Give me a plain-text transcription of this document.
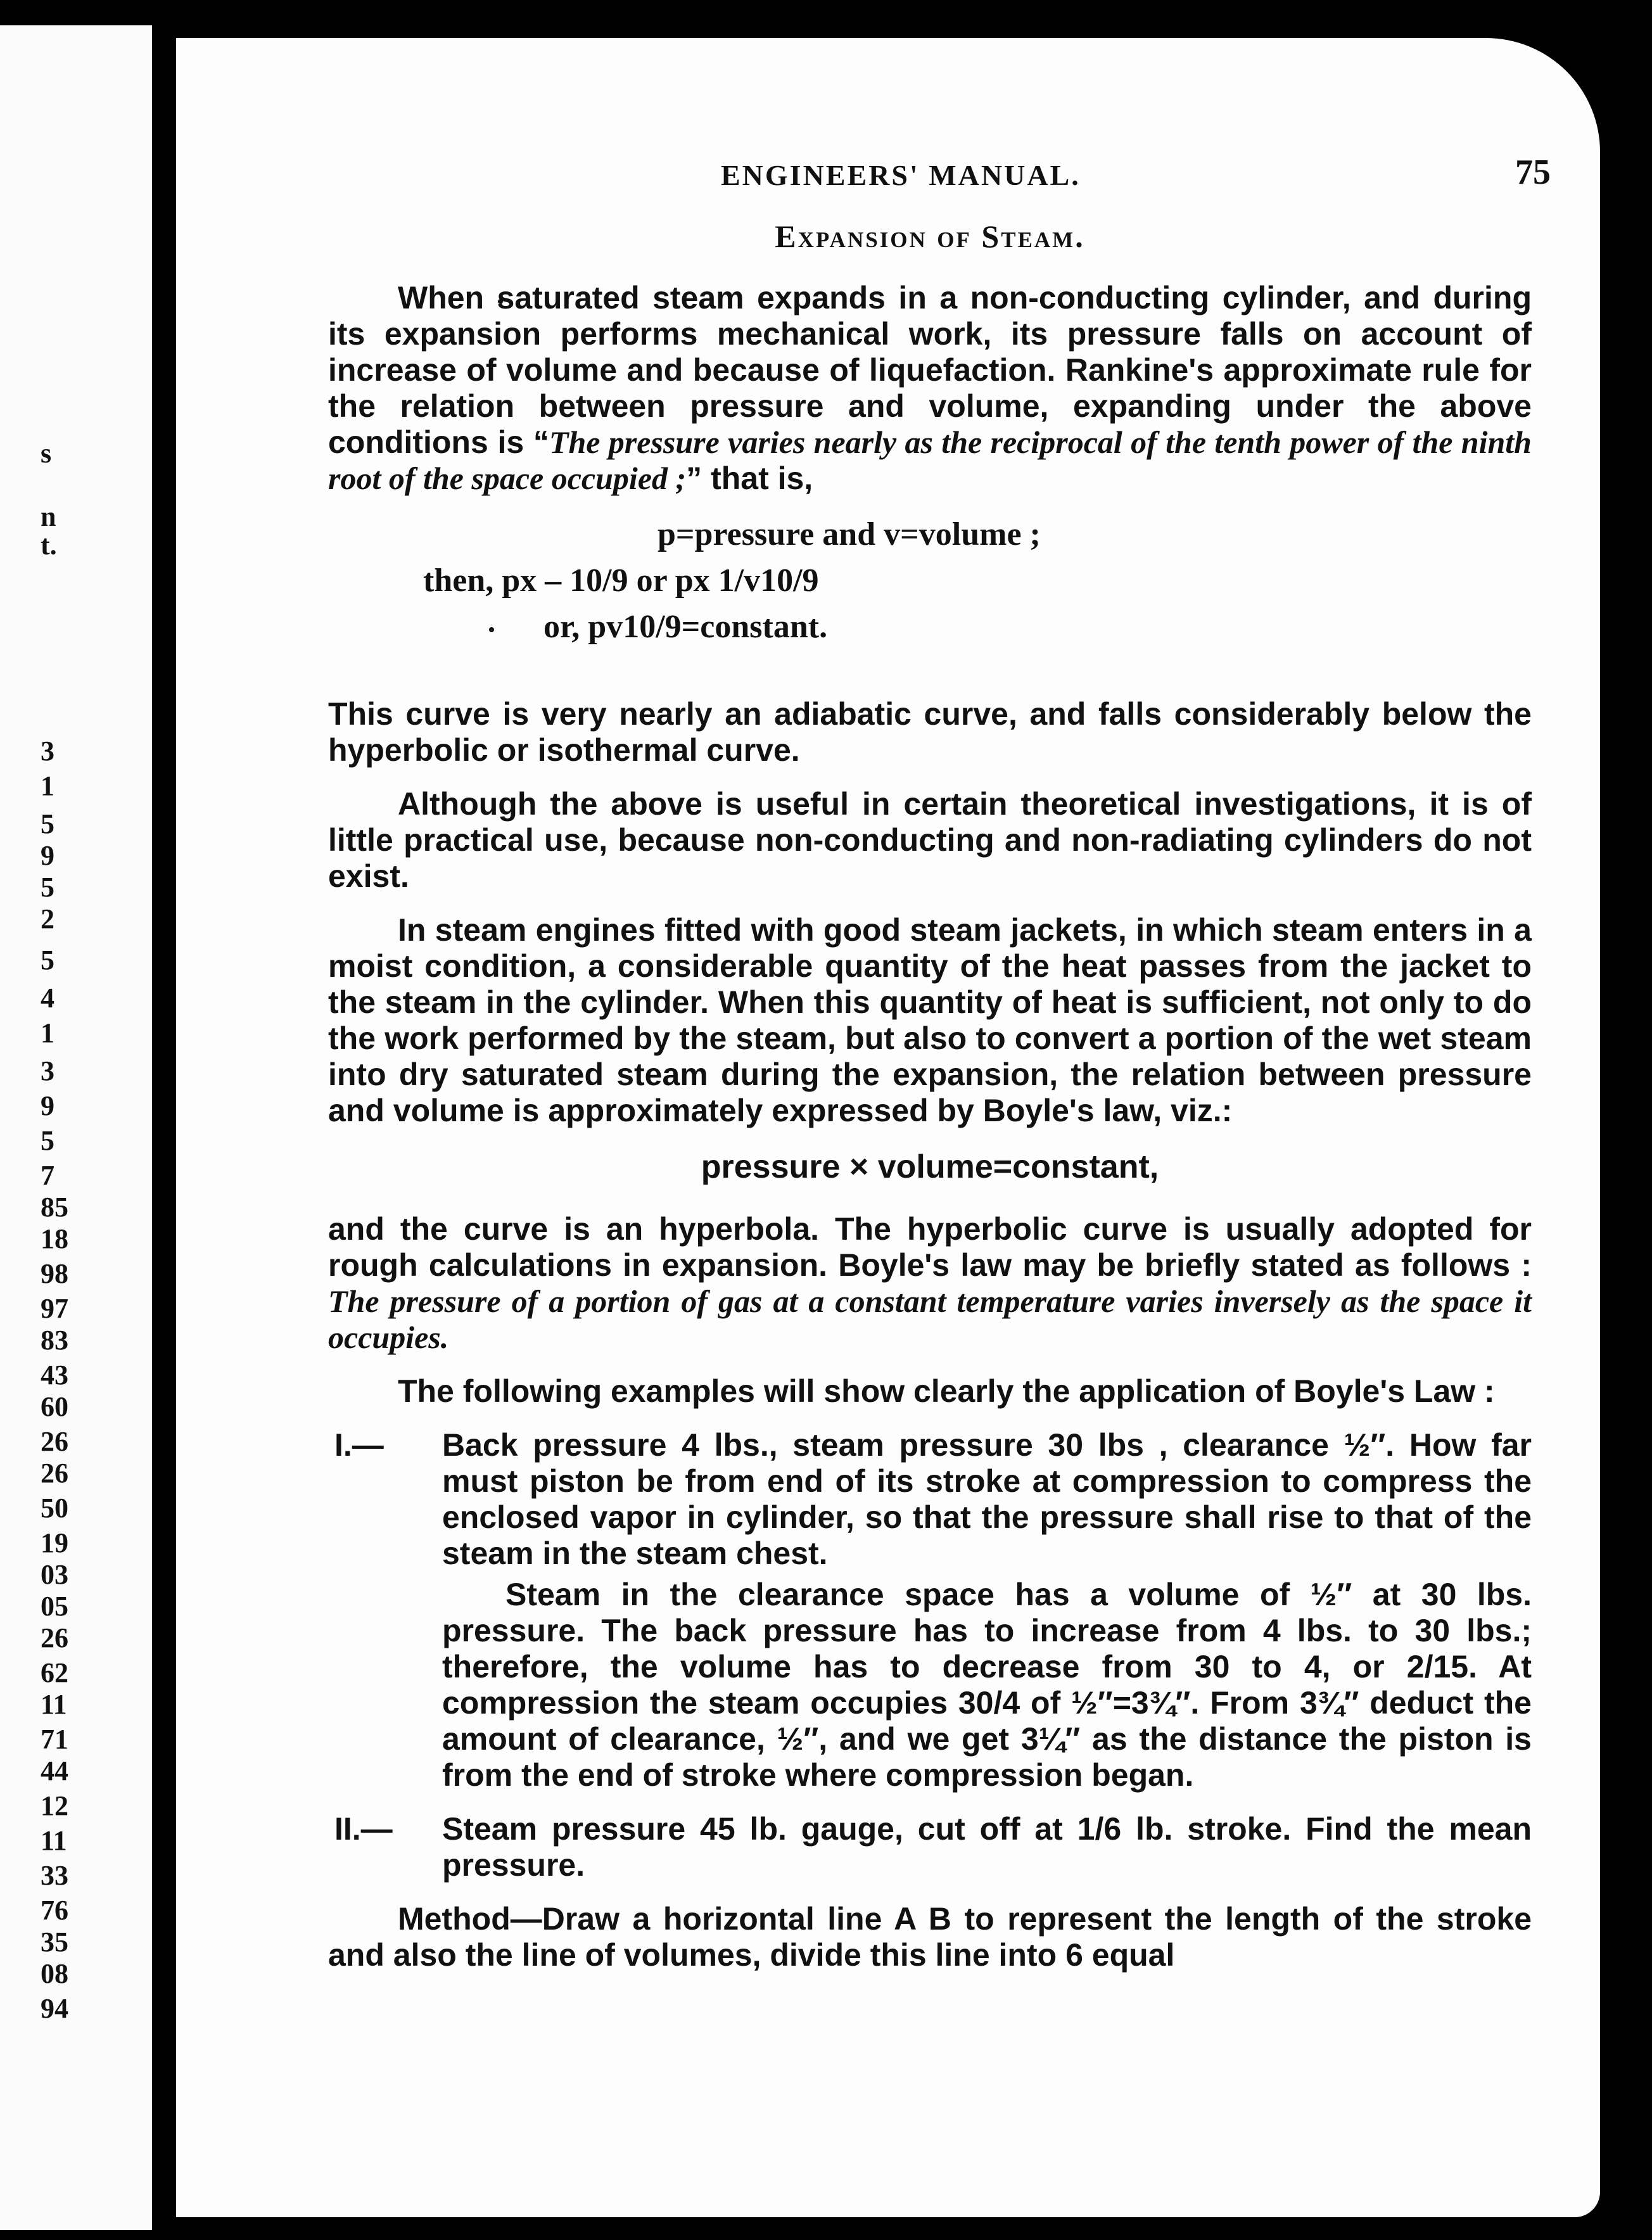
s
n
t.
3
1
5
9
5
2
5
4
1
3
9
5
7
85
18
98
97
83
43
60
26
26
50
19
03
05
26
62
11
71
44
12
11
33
76
35
08
94
ENGINEERS' MANUAL.	75
Expansion of Steam.

When saturated steam expands in a non-conducting cylinder, and during its expansion performs mechanical work, its pressure falls on account of increase of volume and because of liquefaction. Rankine's approximate rule for the relation between pressure and volume, expanding under the above conditions is “The pressure varies nearly as the reciprocal of the tenth power of the ninth root of the space occupied ;” that is,

p=pressure and v=volume ;
then, px – 10/9 or px 1/v10/9
or, pv10/9=constant.

This curve is very nearly an adiabatic curve, and falls considerably below the hyperbolic or isothermal curve.

Although the above is useful in certain theoretical investigations, it is of little practical use, because non-conducting and non-radiating cylinders do not exist.

In steam engines fitted with good steam jackets, in which steam enters in a moist condition, a considerable quantity of the heat passes from the jacket to the steam in the cylinder. When this quantity of heat is sufficient, not only to do the work performed by the steam, but also to convert a portion of the wet steam into dry saturated steam during the expansion, the relation between pressure and volume is approximately expressed by Boyle's law, viz.:

pressure × volume=constant,

and the curve is an hyperbola. The hyperbolic curve is usually adopted for rough calculations in expansion. Boyle's law may be briefly stated as follows : The pressure of a portion of gas at a constant temperature varies inversely as the space it occupies.

The following examples will show clearly the application of Boyle's Law :

I.—	Back pressure 4 lbs., steam pressure 30 lbs , clearance ½″. How far must piston be from end of its stroke at compression to compress the enclosed vapor in cylinder, so that the pressure shall rise to that of the steam in the steam chest.
Steam in the clearance space has a volume of ½″ at 30 lbs. pressure. The back pressure has to increase from 4 lbs. to 30 lbs.; therefore, the volume has to decrease from 30 to 4, or 2/15. At compression the steam occupies 30/4 of ½″=3¾″. From 3¾″ deduct the amount of clearance, ½″, and we get 3¼″ as the distance the piston is from the end of stroke where compression began.
II.—	Steam pressure 45 lb. gauge, cut off at 1/6 lb. stroke. Find the mean pressure.

Method—Draw a horizontal line A B to represent the length of the stroke and also the line of volumes, divide this line into 6 equal
